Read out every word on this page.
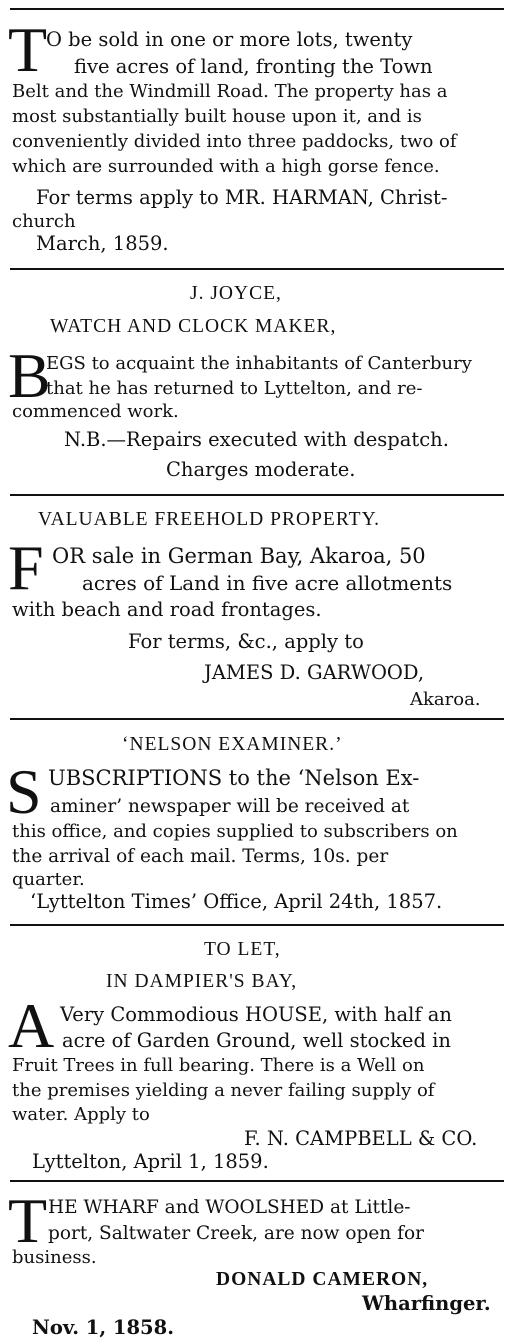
T
O be sold in one or more lots, twenty
five acres of land, fronting the Town
Belt and the Windmill Road. The property has a
most substantially built house upon it, and is
conveniently divided into three paddocks, two of
which are surrounded with a high gorse fence.
For terms apply to MR. HARMAN, Christ-
church
March, 1859.
J. JOYCE,
WATCH AND CLOCK MAKER,
B
EGS to acquaint the inhabitants of Canterbury
that he has returned to Lyttelton, and re-
commenced work.
N.B.—Repairs executed with despatch.
Charges moderate.
VALUABLE FREEHOLD PROPERTY.
F OR sale in German Bay, Akaroa, 50
acres of Land in five acre allotments
with beach and road frontages.
For terms, &c., apply to
JAMES D. GARWOOD,
Akaroa.
‘NELSON EXAMINER.’
S UBSCRIPTIONS to the ‘Nelson Ex-
aminer’ newspaper will be received at
this office, and copies supplied to subscribers on
the arrival of each mail. Terms, 10s. per
quarter.
‘Lyttelton Times’ Office, April 24th, 1857.
TO LET,
IN DAMPIER'S BAY,
A Very Commodious HOUSE, with half an
acre of Garden Ground, well stocked in
Fruit Trees in full bearing. There is a Well on
the premises yielding a never failing supply of
water. Apply to
F. N. CAMPBELL & CO.
Lyttelton, April 1, 1859.
T HE WHARF and WOOLSHED at Little-
port, Saltwater Creek, are now open for
business.
DONALD CAMERON,
Wharfinger.
Nov. 1, 1858.
